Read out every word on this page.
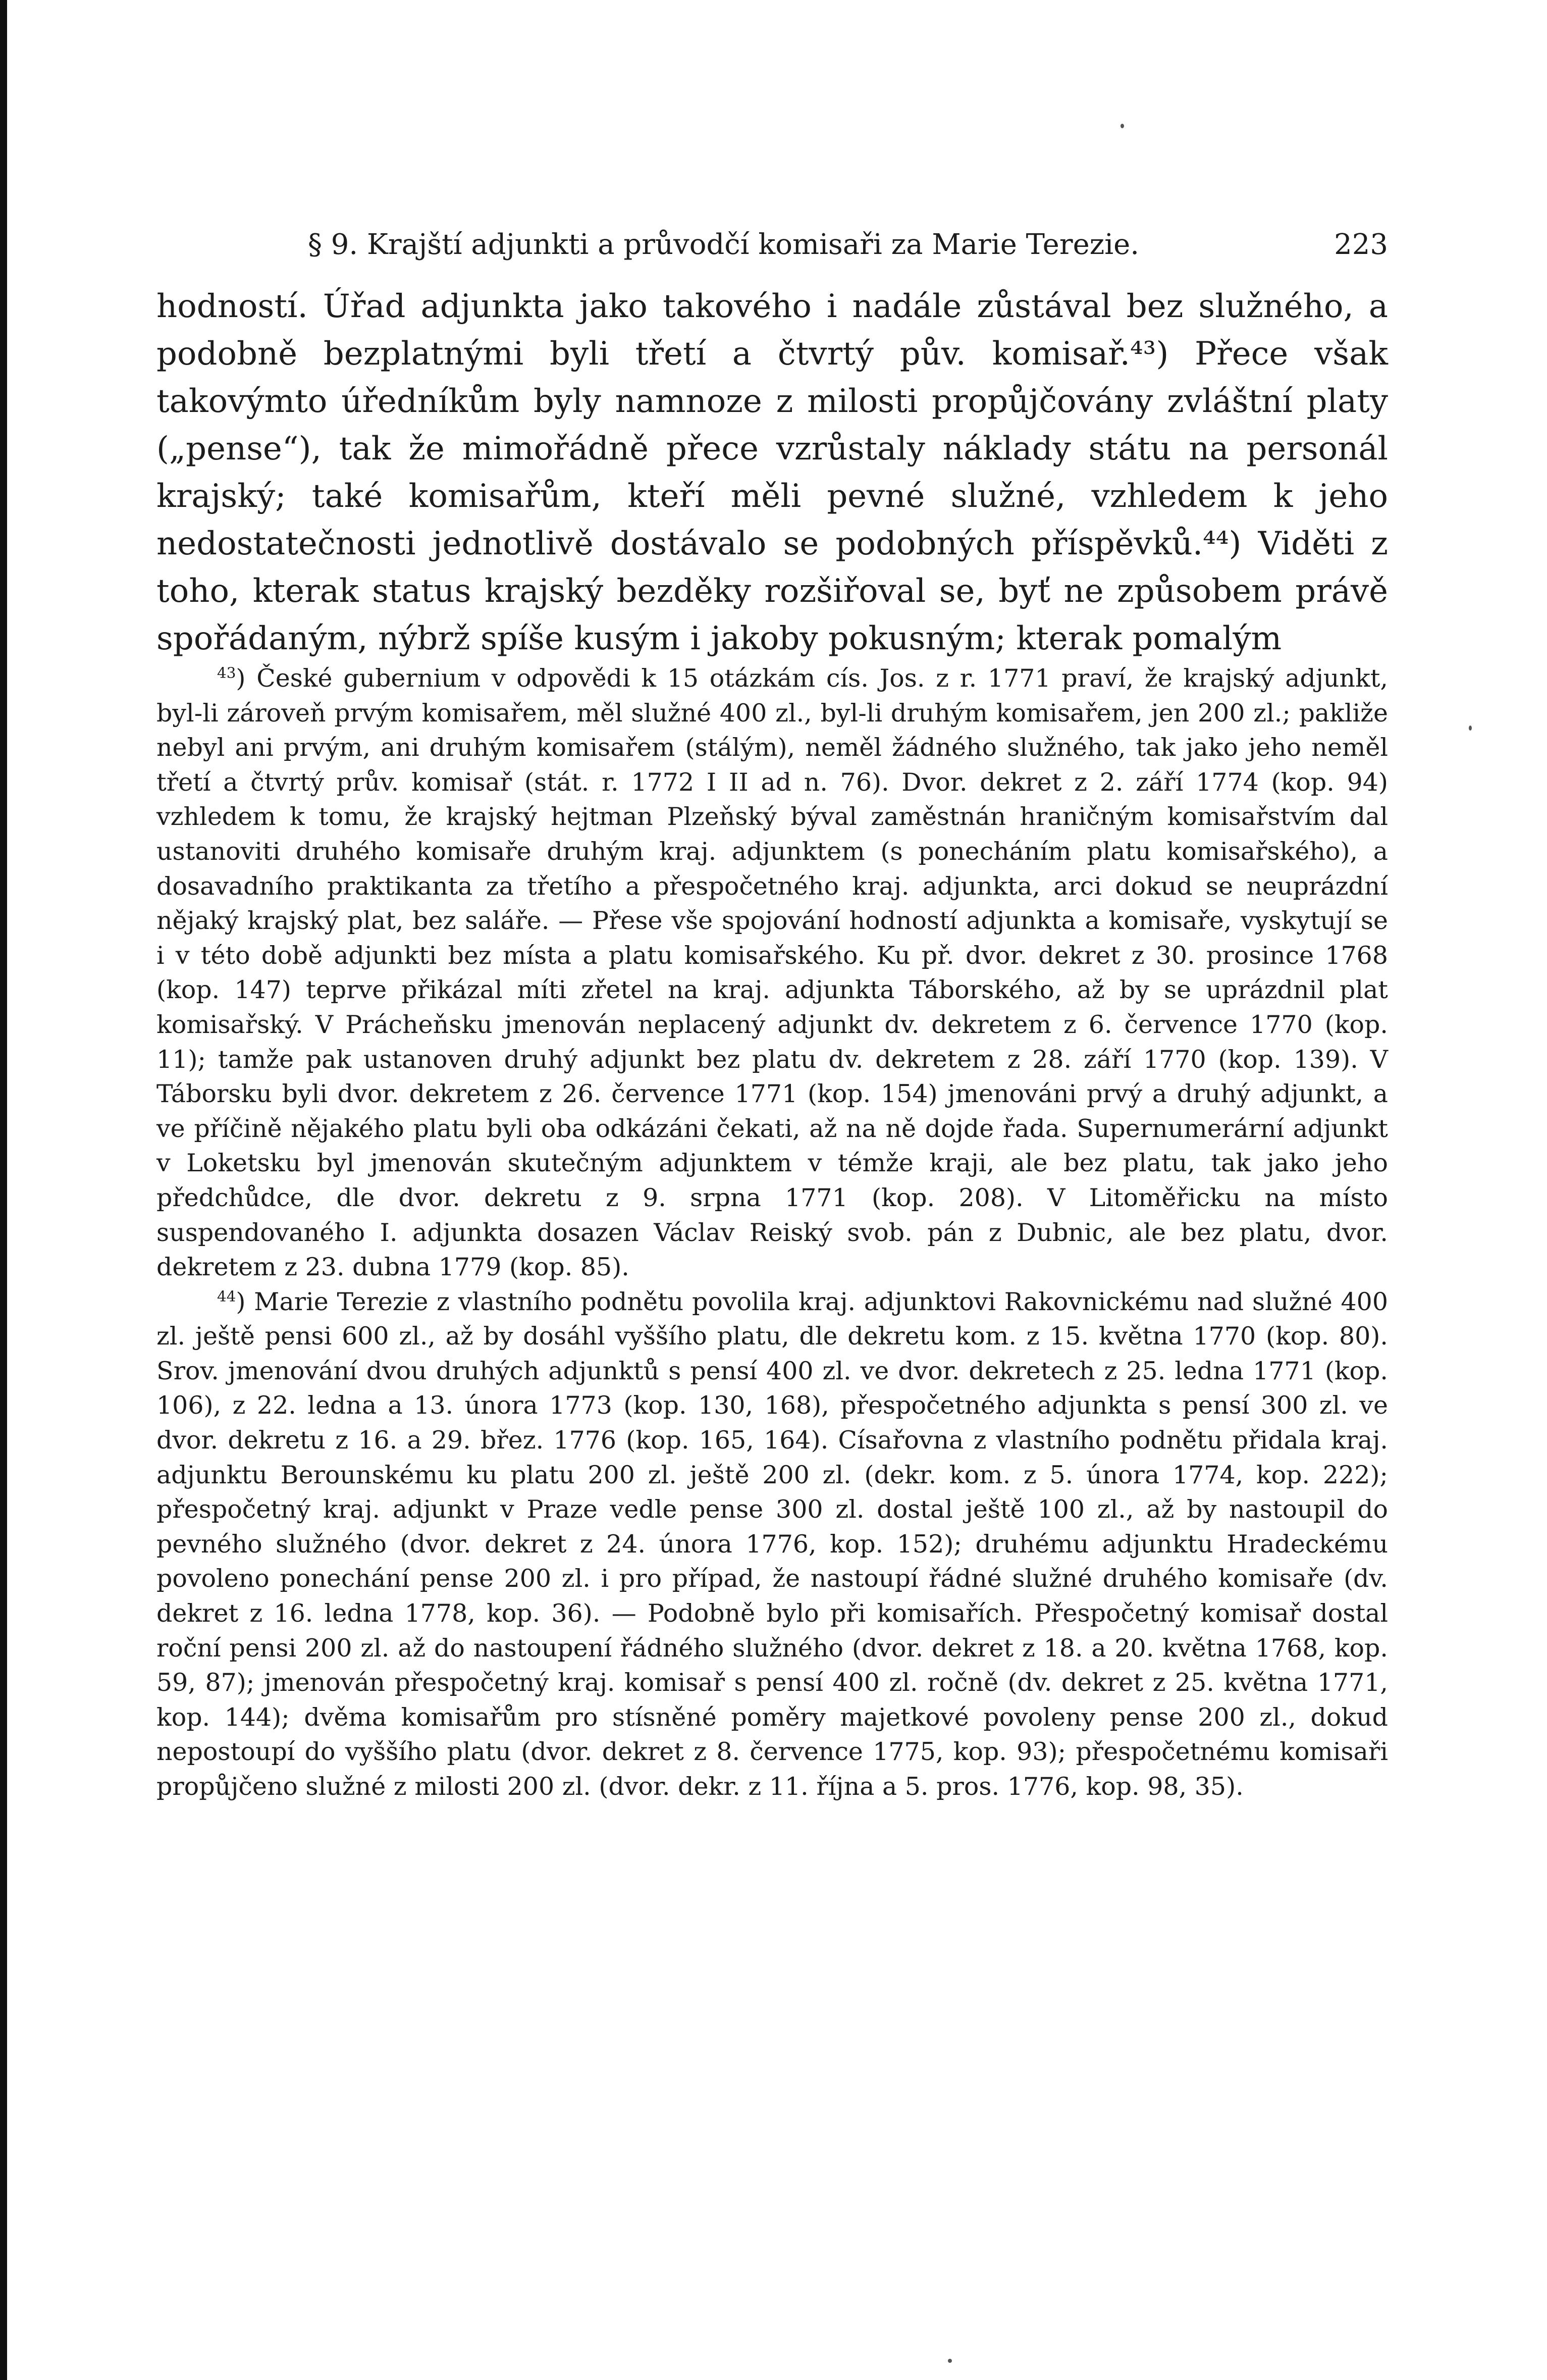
§ 9. Krajští adjunkti a průvodčí komisaři za Marie Terezie.	223

hodností. Úřad adjunkta jako takového i nadále zůstával bez služného, a podobně bezplatnými byli třetí a čtvrtý pův. komisař.⁴³) Přece však takovýmto úředníkům byly namnoze z milosti propůjčovány zvláštní platy („pense“), tak že mimořádně přece vzrůstaly náklady státu na personál krajský; také komisařům, kteří měli pevné služné, vzhledem k jeho nedostatečnosti jednotlivě dostávalo se podobných příspěvků.⁴⁴) Viděti z toho, kterak status krajský bezděky rozšiřoval se, byť ne způsobem právě spořádaným, nýbrž spíše kusým i jakoby pokusným; kterak pomalým

$^{43}$) České gubernium v odpovědi k 15 otázkám cís. Jos. z r. 1771 praví, že krajský adjunkt, byl-li zároveň prvým komisařem, měl služné 400 zl., byl-li druhým komisařem, jen 200 zl.; pakliže nebyl ani prvým, ani druhým komisařem (stálým), neměl žádného služného, tak jako jeho neměl třetí a čtvrtý prův. komisař (stát. r. 1772 I II ad n. 76). Dvor. dekret z 2. září 1774 (kop. 94) vzhledem k tomu, že krajský hejtman Plzeňský býval zaměstnán hraničným komisařstvím dal ustanoviti druhého komisaře druhým kraj. adjunktem (s ponecháním platu komisařského), a dosavadního praktikanta za třetího a přespočetného kraj. adjunkta, arci dokud se neuprázdní nějaký krajský plat, bez saláře. — Přese vše spojování hodností adjunkta a komisaře, vyskytují se i v této době adjunkti bez místa a platu komisařského. Ku př. dvor. dekret z 30. prosince 1768 (kop. 147) teprve přikázal míti zřetel na kraj. adjunkta Táborského, až by se uprázdnil plat komisařský. V Prácheňsku jmenován neplacený adjunkt dv. dekretem z 6. července 1770 (kop. 11); tamže pak ustanoven druhý adjunkt bez platu dv. dekretem z 28. září 1770 (kop. 139). V Táborsku byli dvor. dekretem z 26. července 1771 (kop. 154) jmenováni prvý a druhý adjunkt, a ve příčině nějakého platu byli oba odkázáni čekati, až na ně dojde řada. Supernumerární adjunkt v Loketsku byl jmenován skutečným adjunktem v témže kraji, ale bez platu, tak jako jeho předchůdce, dle dvor. dekretu z 9. srpna 1771 (kop. 208). V Litoměřicku na místo suspendovaného I. adjunkta dosazen Václav Reiský svob. pán z Dubnic, ale bez platu, dvor. dekretem z 23. dubna 1779 (kop. 85).

$^{44}$) Marie Terezie z vlastního podnětu povolila kraj. adjunktovi Rakovnickému nad služné 400 zl. ještě pensi 600 zl., až by dosáhl vyššího platu, dle dekretu kom. z 15. května 1770 (kop. 80). Srov. jmenování dvou druhých adjunktů s pensí 400 zl. ve dvor. dekretech z 25. ledna 1771 (kop. 106), z 22. ledna a 13. února 1773 (kop. 130, 168), přespočetného adjunkta s pensí 300 zl. ve dvor. dekretu z 16. a 29. břez. 1776 (kop. 165, 164). Císařovna z vlastního podnětu přidala kraj. adjunktu Berounskému ku platu 200 zl. ještě 200 zl. (dekr. kom. z 5. února 1774, kop. 222); přespočetný kraj. adjunkt v Praze vedle pense 300 zl. dostal ještě 100 zl., až by nastoupil do pevného služného (dvor. dekret z 24. února 1776, kop. 152); druhému adjunktu Hradeckému povoleno ponechání pense 200 zl. i pro případ, že nastoupí řádné služné druhého komisaře (dv. dekret z 16. ledna 1778, kop. 36). — Podobně bylo při komisařích. Přespočetný komisař dostal roční pensi 200 zl. až do nastoupení řádného služného (dvor. dekret z 18. a 20. května 1768, kop. 59, 87); jmenován přespočetný kraj. komisař s pensí 400 zl. ročně (dv. dekret z 25. května 1771, kop. 144); dvěma komisařům pro stísněné poměry majetkové povoleny pense 200 zl., dokud nepostoupí do vyššího platu (dvor. dekret z 8. července 1775, kop. 93); přespočetnému komisaři propůjčeno služné z milosti 200 zl. (dvor. dekr. z 11. října a 5. pros. 1776, kop. 98, 35).
